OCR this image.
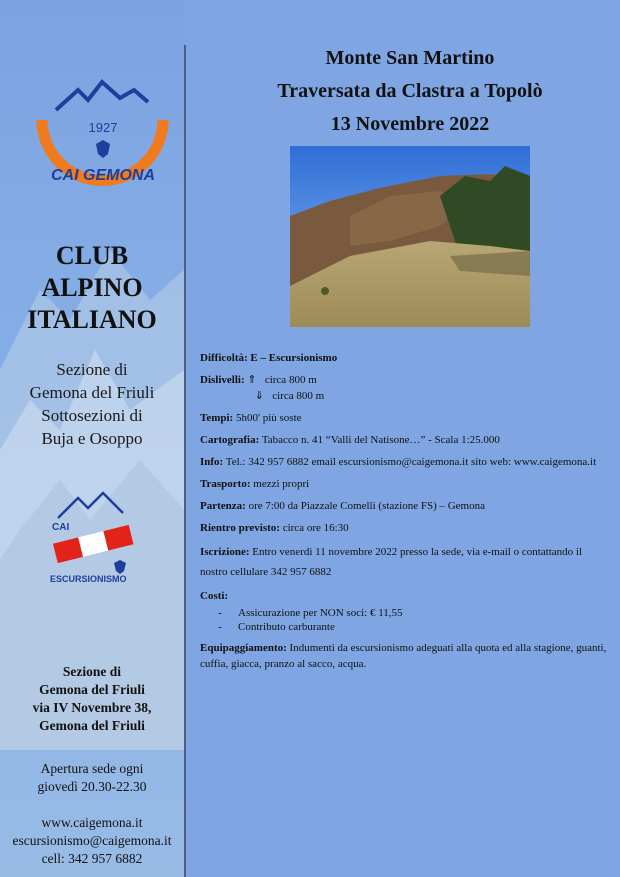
1927
CAI GEMONA
CLUB
ALPINO
ITALIANO
Sezione di
Gemona del Friuli
Sottosezioni di
Buja e Osoppo
CAI
ESCURSIONISMO
Sezione di
Gemona del Friuli
via IV Novembre 38,
Gemona del Friuli
Apertura sede ogni
giovedì 20.30-22.30
www.caigemona.it
escursionismo@caigemona.it
cell: 342 957 6882
Monte San Martino
Traversata da Clastra a Topolò
13 Novembre 2022

Difficoltà: E – Escursionismo

Dislivelli: ⇑ circa 800 m
⇓ circa 800 m

Tempi: 5h00' più soste

Cartografia: Tabacco n. 41 “Valli del Natisone…” - Scala 1:25.000

Info: Tel.: 342 957 6882 email escursionismo@caigemona.it sito web: www.caigemona.it

Trasporto: mezzi propri

Partenza: ore 7:00 da Piazzale Comelli (stazione FS) – Gemona

Rientro previsto: circa ore 16:30

Iscrizione: Entro venerdì 11 novembre 2022 presso la sede, via e-mail o contattando il nostro cellulare 342 957 6882

Costi:

- Assicurazione per NON soci: € 11,55
- Contributo carburante

Equipaggiamento: Indumenti da escursionismo adeguati alla quota ed alla stagione, guanti, cuffia, giacca, pranzo al sacco, acqua.
